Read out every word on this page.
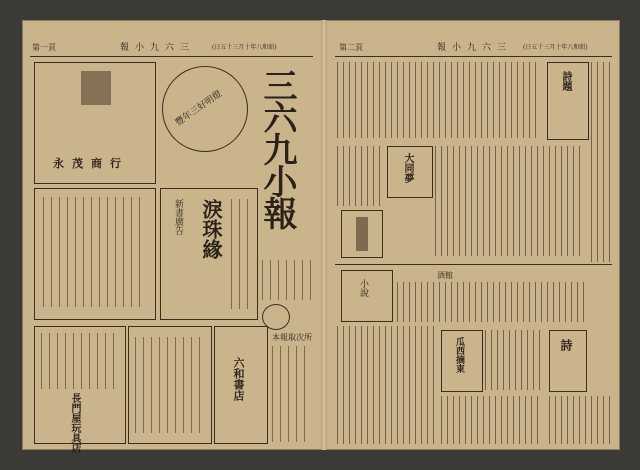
第一頁	報小九六三	(日五十三月十年八和昭)
永茂商行
豐年三好明燈 三六九小報
淚珠緣
新書廣告
長門屋玩具店
六和書店
本報取次所
第二頁	報小九六三 (日五十三月十年八和昭)
詩題
大同夢
小說
酒館
瓜西摘東	詩
